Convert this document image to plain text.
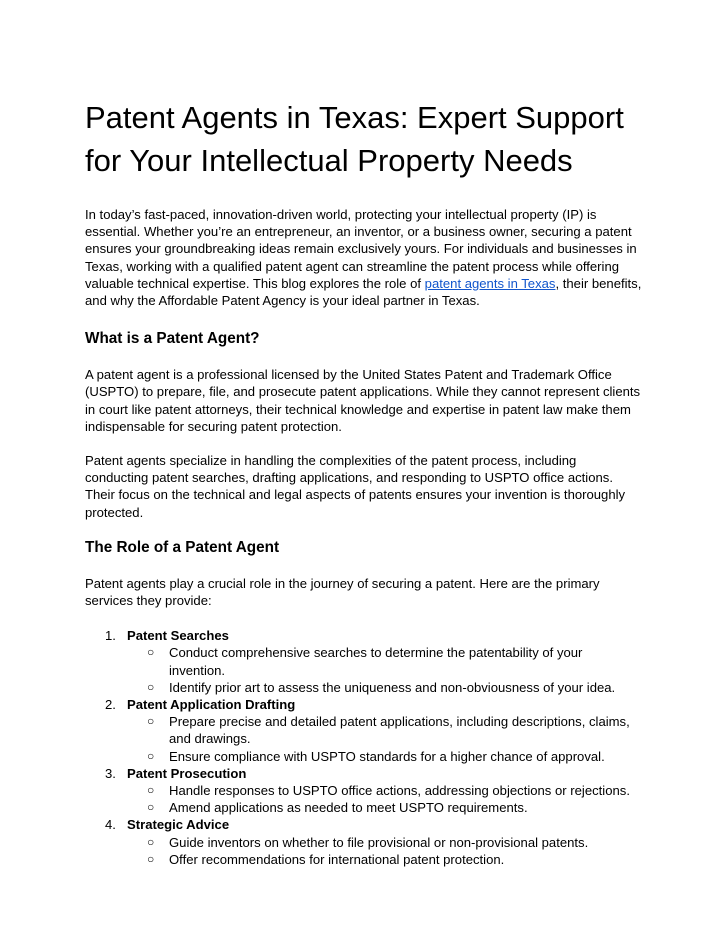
Patent Agents in Texas: Expert Support
for Your Intellectual Property Needs

In today’s fast-paced, innovation-driven world, protecting your intellectual property (IP) is
essential. Whether you’re an entrepreneur, an inventor, or a business owner, securing a patent
ensures your groundbreaking ideas remain exclusively yours. For individuals and businesses in
Texas, working with a qualified patent agent can streamline the patent process while offering
valuable technical expertise. This blog explores the role of patent agents in Texas, their benefits,
and why the Affordable Patent Agency is your ideal partner in Texas.

What is a Patent Agent?

A patent agent is a professional licensed by the United States Patent and Trademark Office
(USPTO) to prepare, file, and prosecute patent applications. While they cannot represent clients
in court like patent attorneys, their technical knowledge and expertise in patent law make them
indispensable for securing patent protection.

Patent agents specialize in handling the complexities of the patent process, including
conducting patent searches, drafting applications, and responding to USPTO office actions.
Their focus on the technical and legal aspects of patents ensures your invention is thoroughly
protected.

The Role of a Patent Agent

Patent agents play a crucial role in the journey of securing a patent. Here are the primary
services they provide:

1. Patent Searches
○ Conduct comprehensive searches to determine the patentability of your
invention.
○ Identify prior art to assess the uniqueness and non-obviousness of your idea.
2. Patent Application Drafting
○ Prepare precise and detailed patent applications, including descriptions, claims,
and drawings.
○ Ensure compliance with USPTO standards for a higher chance of approval.
3. Patent Prosecution
○ Handle responses to USPTO office actions, addressing objections or rejections.
○ Amend applications as needed to meet USPTO requirements.
4. Strategic Advice
○ Guide inventors on whether to file provisional or non-provisional patents.
○ Offer recommendations for international patent protection.
